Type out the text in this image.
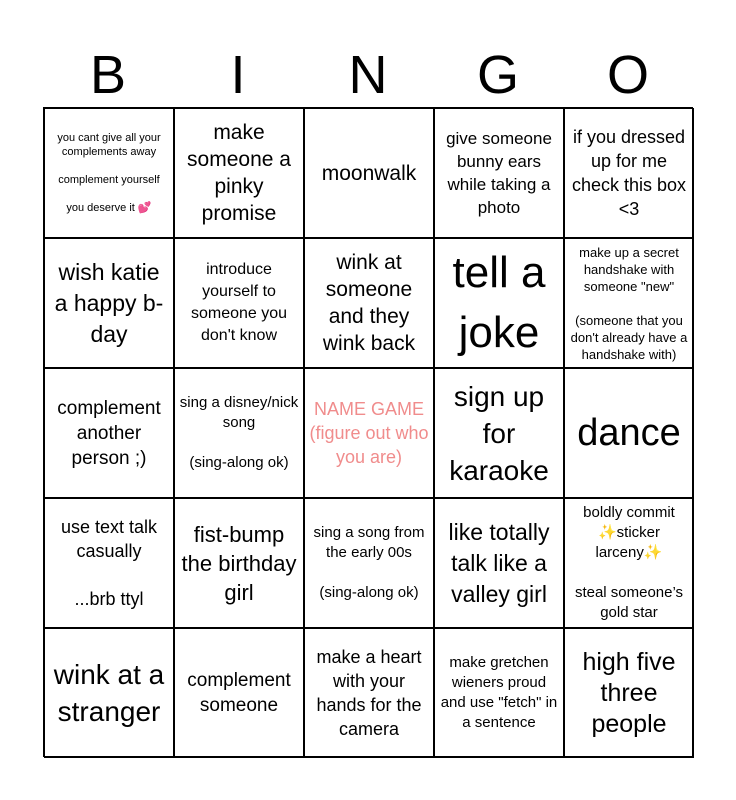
B	I	N	G	O
you cant give all your complements away

complement yourself

you deserve it 💕
make someone a pinky promise
moonwalk
give someone bunny ears while taking a photo
if you dressed up for me check this box <3
wish katie a happy b-day
introduce yourself to someone you don't know
wink at someone and they wink back
tell a joke
make up a secret handshake with someone "new"

(someone that you don't already have a handshake with)
complement another person ;)
sing a disney/nick song

(sing-along ok)
NAME GAME (figure out who you are)
sign up for karaoke
dance
use text talk casually

...brb ttyl
fist-bump the birthday girl
sing a song from the early 00s

(sing-along ok)
like totally talk like a valley girl
boldly commit ✨sticker larceny✨

steal someone’s gold star
wink at a stranger
complement someone
make a heart with your hands for the camera
make gretchen wieners proud and use "fetch" in a sentence
high five three people
